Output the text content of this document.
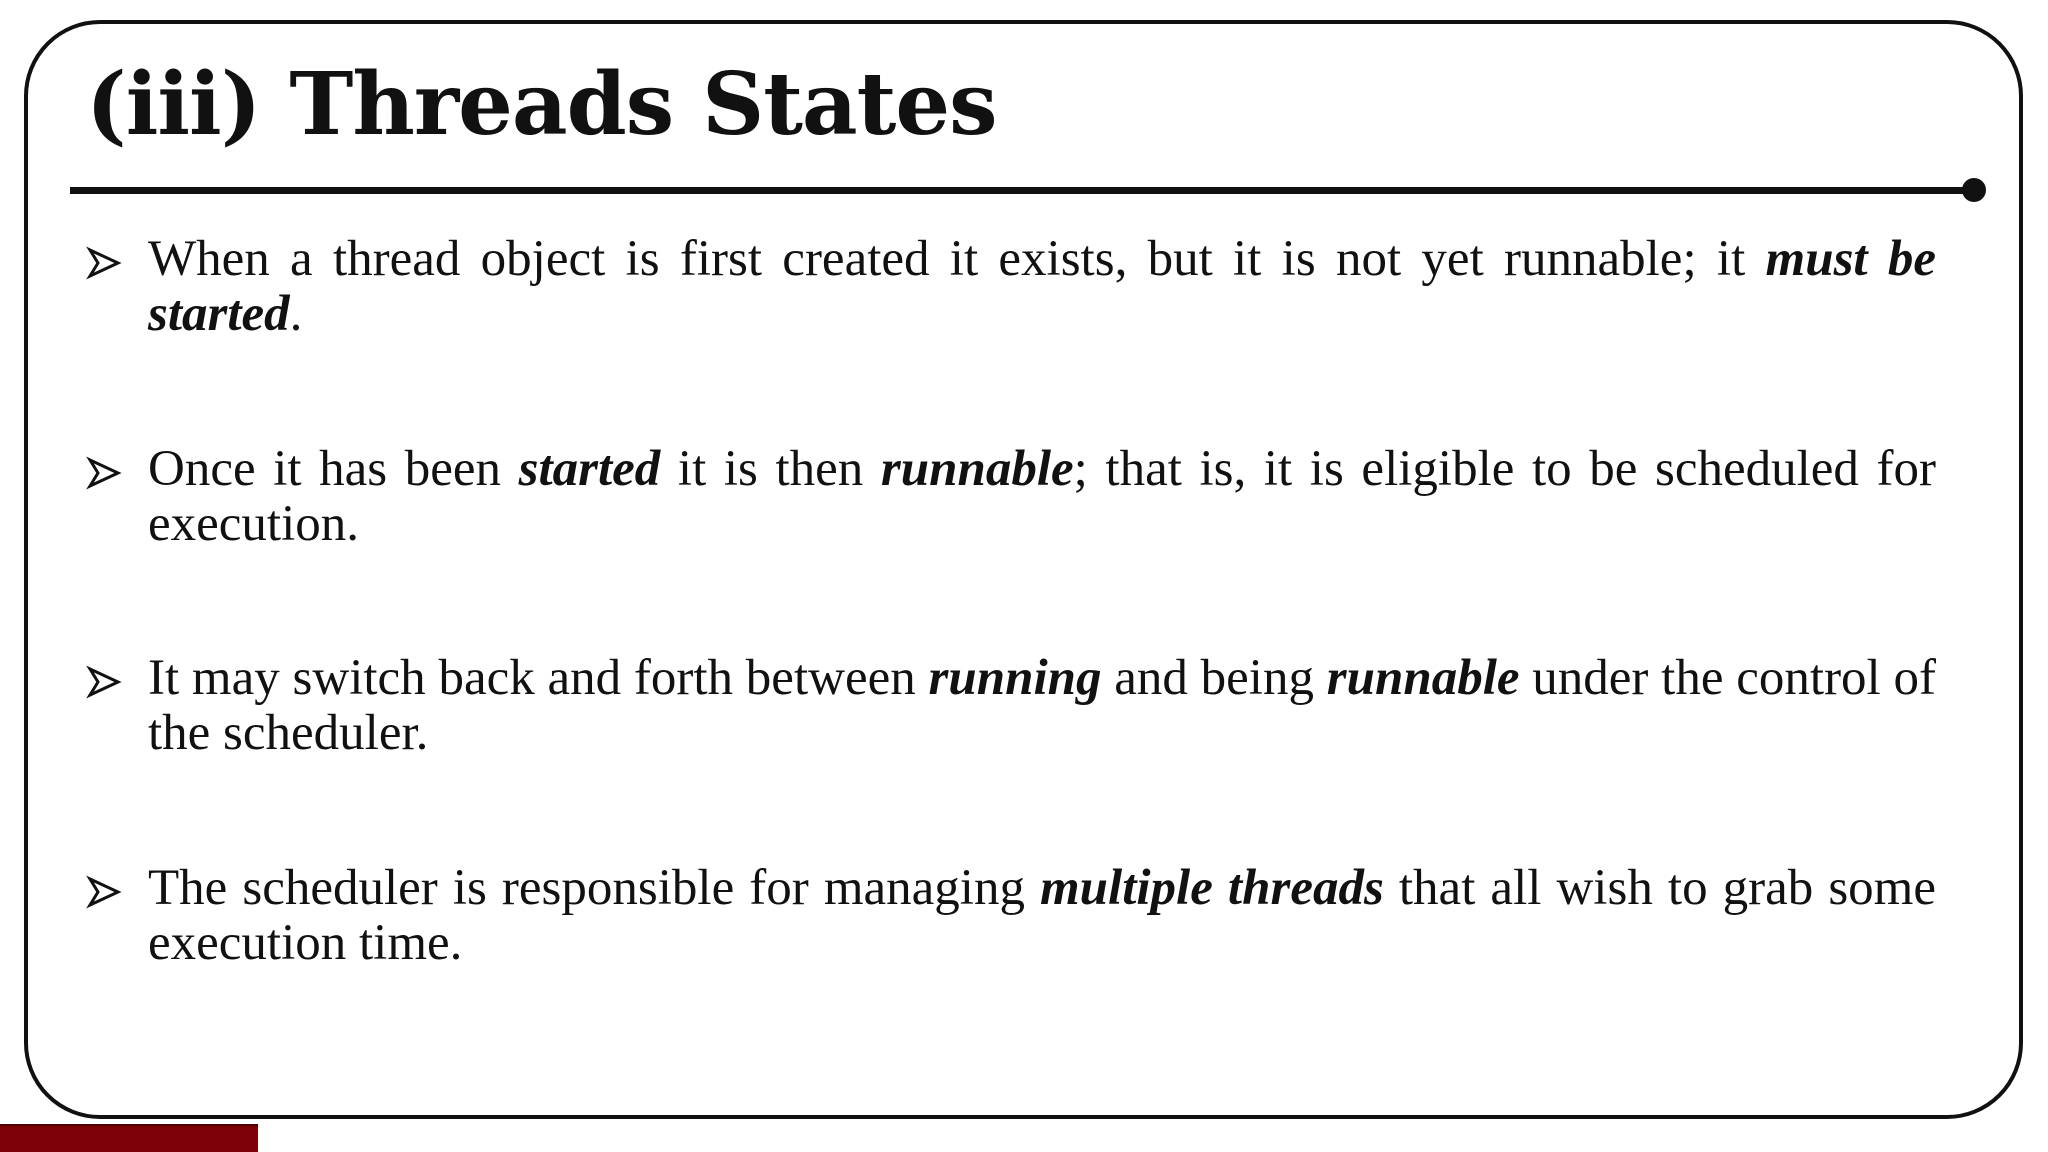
(iii) Threads States

When a thread object is first created it exists, but it is not yet runnable; it must be started.

Once it has been started it is then runnable; that is, it is eligible to be scheduled for execution.

It may switch back and forth between running and being runnable under the control of the scheduler.

The scheduler is responsible for managing multiple threads that all wish to grab some execution time.
